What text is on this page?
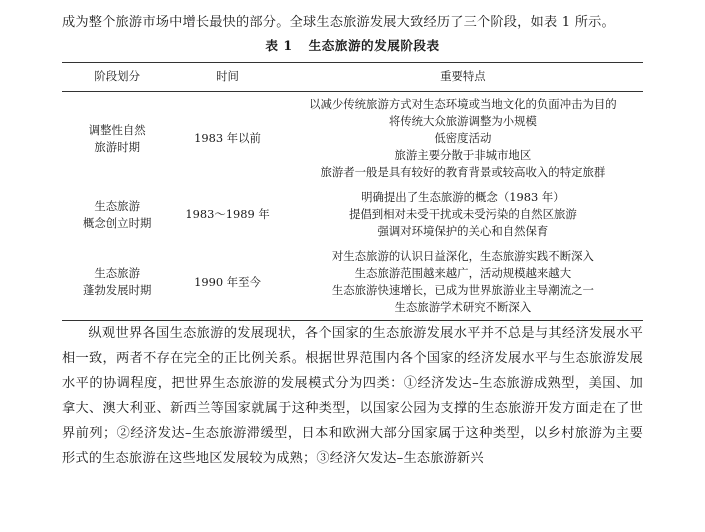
成为整个旅游市场中增长最快的部分。全球生态旅游发展大致经历了三个阶段，如表 1 所示。

表 1 生态旅游的发展阶段表
阶段划分	时间	重要特点

调整性自然
旅游时期	1983 年以前	以减少传统旅游方式对生态环境或当地文化的负面冲击为目的
将传统大众旅游调整为小规模
低密度活动
旅游主要分散于非城市地区
旅游者一般是具有较好的教育背景或较高收入的特定旅群

生态旅游
概念创立时期	1983～1989 年	明确提出了生态旅游的概念（1983 年）
提倡到相对未受干扰或未受污染的自然区旅游
强调对环境保护的关心和自然保育

生态旅游
蓬勃发展时期	1990 年至今	对生态旅游的认识日益深化，生态旅游实践不断深入
生态旅游范围越来越广，活动规模越来越大
生态旅游快速增长，已成为世界旅游业主导潮流之一
生态旅游学术研究不断深入

纵观世界各国生态旅游的发展现状，各个国家的生态旅游发展水平并不总是与其经济发展水平相一致，两者不存在完全的正比例关系。根据世界范围内各个国家的经济发展水平与生态旅游发展水平的协调程度，把世界生态旅游的发展模式分为四类：①经济发达–生态旅游成熟型，美国、加拿大、澳大利亚、新西兰等国家就属于这种类型，以国家公园为支撑的生态旅游开发方面走在了世界前列；②经济发达–生态旅游滞缓型，日本和欧洲大部分国家属于这种类型，以乡村旅游为主要形式的生态旅游在这些地区发展较为成熟；③经济欠发达–生态旅游新兴
